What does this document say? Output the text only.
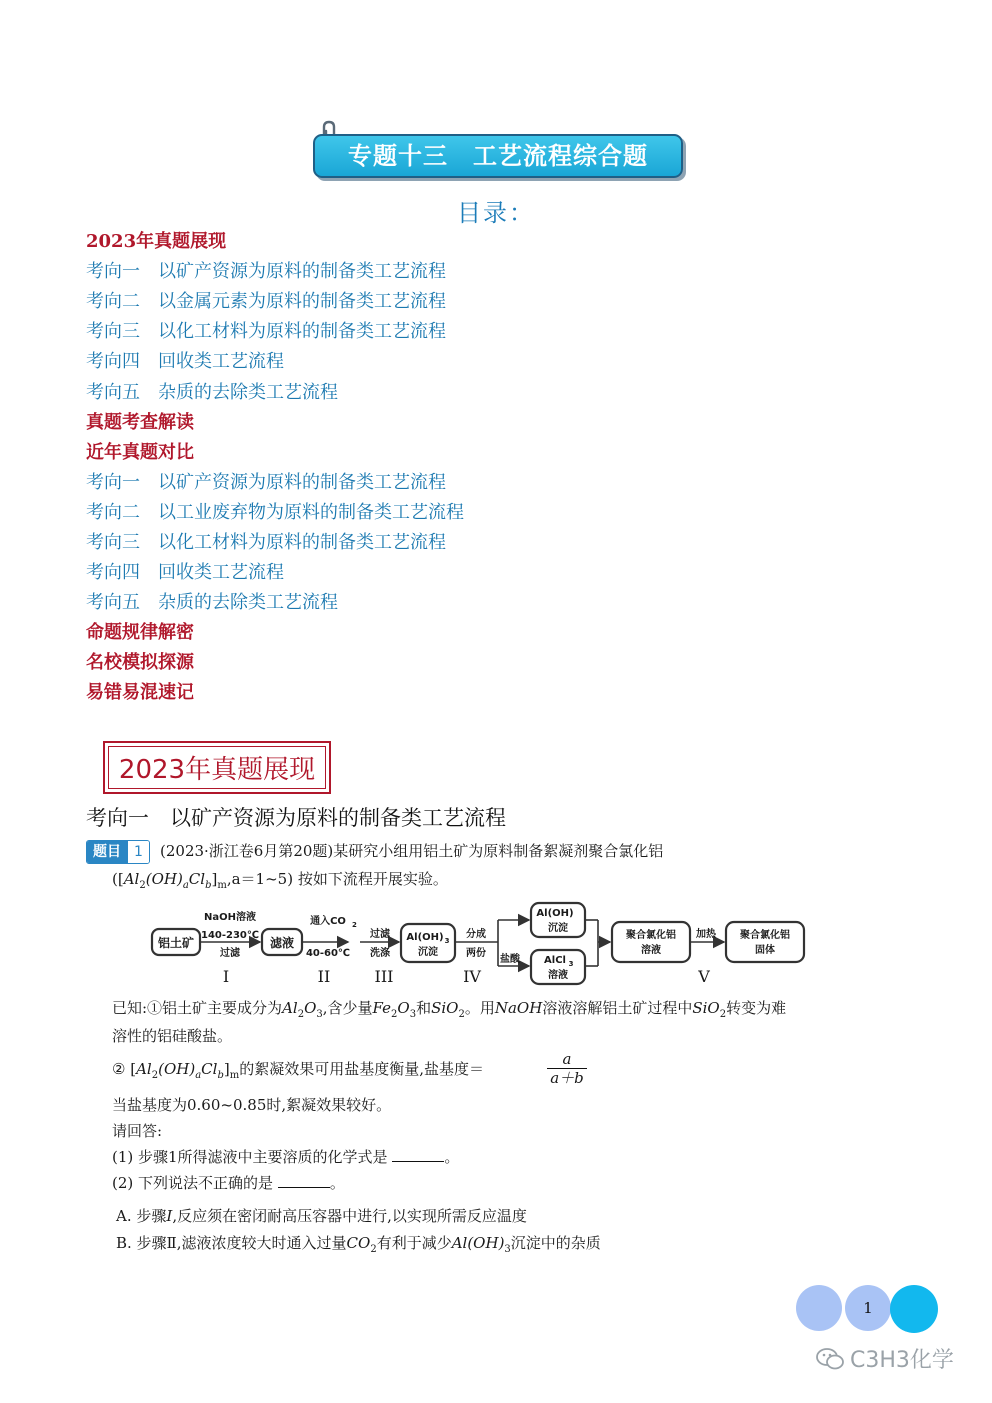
专题十三　工艺流程综合题
目录：
2023年真题展现
考向一　以矿产资源为原料的制备类工艺流程
考向二　以金属元素为原料的制备类工艺流程
考向三　以化工材料为原料的制备类工艺流程
考向四　回收类工艺流程
考向五　杂质的去除类工艺流程
真题考查解读
近年真题对比
考向一　以矿产资源为原料的制备类工艺流程
考向二　以工业废弃物为原料的制备类工艺流程
考向三　以化工材料为原料的制备类工艺流程
考向四　回收类工艺流程
考向五　杂质的去除类工艺流程
命题规律解密
名校模拟探源
易错易混速记
2023年真题展现
考向一　以矿产资源为原料的制备类工艺流程
题目 1	(2023·浙江卷6月第20题)某研究小组用铝土矿为原料制备絮凝剂聚合氯化铝
$([Al_2(OH)_aCl_b]_m,a=1\sim 5)$ 按如下流程开展实验。
铝土矿	滤液	Al(OH) 3
沉淀
Al(OH)
沉淀
AlCl 3
溶液
聚合氯化铝
溶液
聚合氯化铝
固体
NaOH溶液
140-230℃
过滤
I
通入CO 2
40-60℃
II
过滤
洗涤
III
分成
两份
IV
盐酸
加热
V
已知:①铝土矿主要成分为$Al_2O_3$,含少量$Fe_2O_3$和SiO$_2$。用NaOH溶液溶解铝土矿过程中SiO$_2$转变为难
溶性的铝硅酸盐。
② $[Al_2(OH)_aCl_b]_m$的絮凝效果可用盐基度衡量,盐基度＝	$\frac{a}{a+b}$
当盐基度为0.60~0.85时,絮凝效果较好。
请回答:
(1) 步骤1所得滤液中主要溶质的化学式是	。
(2) 下列说法不正确的是	。
A. 步骤I,反应须在密闭耐高压容器中进行,以实现所需反应温度
B. 步骤Ⅱ,滤液浓度较大时通入过量$CO_2$有利于减少$Al(OH)_3$沉淀中的杂质
1
C3H3化学
